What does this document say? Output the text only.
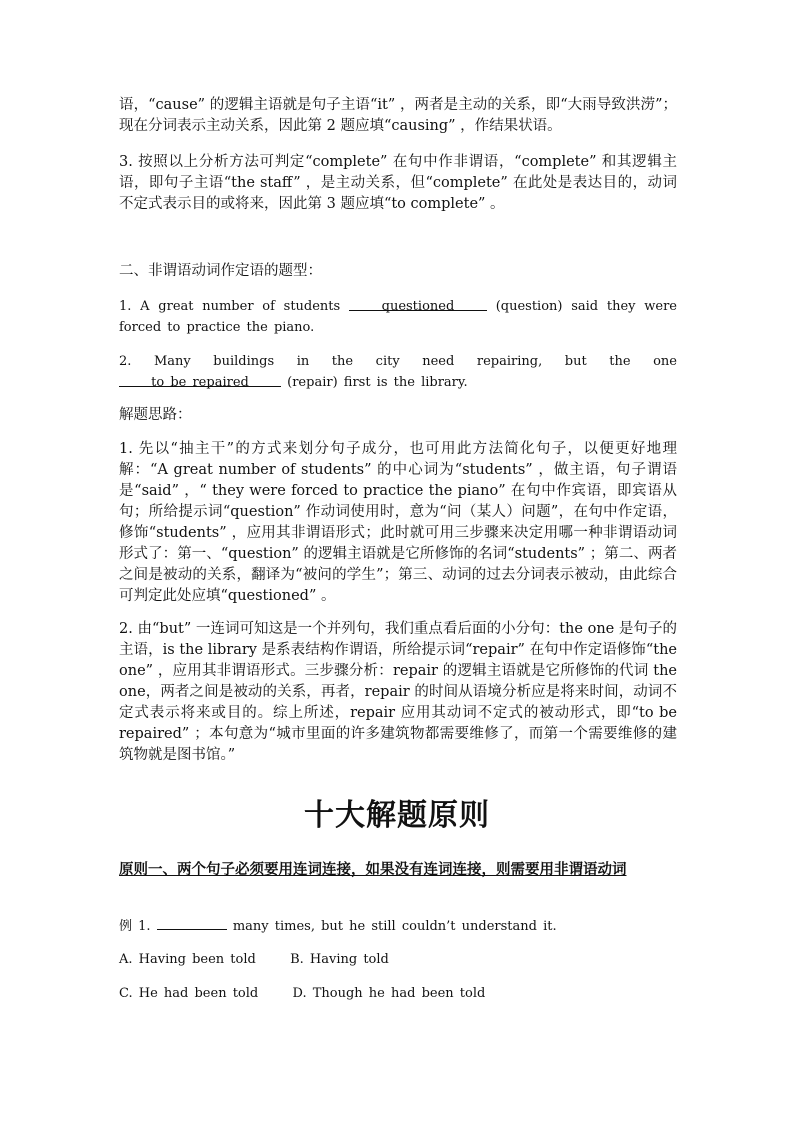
语，“cause” 的逻辑主语就是句子主语“it” ，两者是主动的关系，即“大雨导致洪涝”；现在分词表示主动关系，因此第 2 题应填“causing” ，作结果状语。

3. 按照以上分析方法可判定“complete” 在句中作非谓语，“complete” 和其逻辑主语，即句子主语“the staff” ，是主动关系，但“complete” 在此处是表达目的，动词不定式表示目的或将来，因此第 3 题应填“to complete” 。

二、非谓语动词作定语的题型：

1. A great number of students	questioned	(question) said they were forced to practice the piano.

2. Many buildings in the city need repairing, but the one to be repaired	(repair) first is the library.

解题思路：

1. 先以“抽主干”的方式来划分句子成分，也可用此方法简化句子，以便更好地理解：“A great number of students” 的中心词为“students” ，做主语，句子谓语是“said” ，“ they were forced to practice the piano” 在句中作宾语，即宾语从句；所给提示词“question” 作动词使用时，意为“问（某人）问题”，在句中作定语，修饰“students” ，应用其非谓语形式；此时就可用三步骤来决定用哪一种非谓语动词形式了：第一、“question” 的逻辑主语就是它所修饰的名词“students” ；第二、两者之间是被动的关系，翻译为“被问的学生”；第三、动词的过去分词表示被动，由此综合可判定此处应填“questioned” 。

2. 由“but” 一连词可知这是一个并列句，我们重点看后面的小分句：the one 是句子的主语，is the library 是系表结构作谓语，所给提示词“repair” 在句中作定语修饰“the one” ，应用其非谓语形式。三步骤分析：repair 的逻辑主语就是它所修饰的代词 the one，两者之间是被动的关系，再者，repair 的时间从语境分析应是将来时间，动词不定式表示将来或目的。综上所述，repair 应用其动词不定式的被动形式，即“to be repaired” ；本句意为“城市里面的许多建筑物都需要维修了，而第一个需要维修的建筑物就是图书馆。”

十大解题原则

原则一、两个句子必须要用连词连接，如果没有连词连接，则需要用非谓语动词

例 1.	many times, but he still couldn’t understand it.

A. Having been told	B. Having told

C. He had been told	D. Though he had been told
